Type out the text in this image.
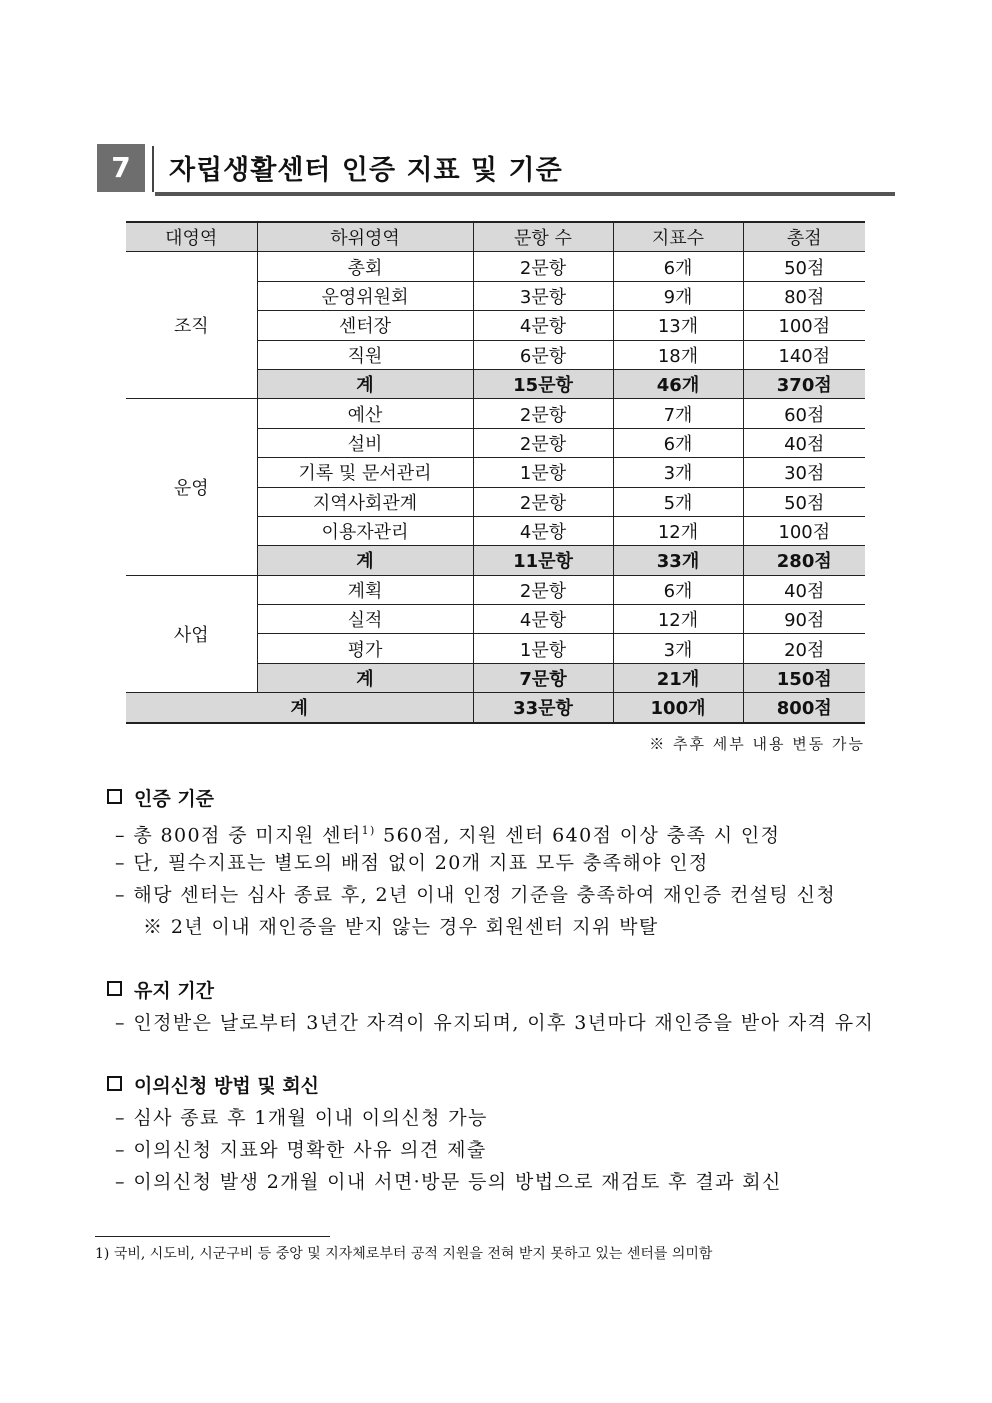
7	자립생활센터 인증 지표 및 기준
대영역	하위영역	문항 수	지표수	총점
조직	총회	2문항	6개	50점
	운영위원회	3문항	9개	80점
	센터장	4문항	13개	100점
	직원	6문항	18개	140점
	계	15문항	46개	370점
운영	예산	2문항	7개	60점
	설비	2문항	6개	40점
	기록 및 문서관리	1문항	3개	30점
	지역사회관계	2문항	5개	50점
	이용자관리	4문항	12개	100점
	계	11문항	33개	280점
사업	계획	2문항	6개	40점
	실적	4문항	12개	90점
	평가	1문항	3개	20점
	계	7문항	21개	150점
계		33문항	100개	800점
※ 추후 세부 내용 변동 가능
인증 기준
– 총 800점 중 미지원 센터$^{1)}$ 560점, 지원 센터 640점 이상 충족 시 인정
– 단, 필수지표는 별도의 배점 없이 20개 지표 모두 충족해야 인정
– 해당 센터는 심사 종료 후, 2년 이내 인정 기준을 충족하여 재인증 컨설팅 신청
※ 2년 이내 재인증을 받지 않는 경우 회원센터 지위 박탈
유지 기간
– 인정받은 날로부터 3년간 자격이 유지되며, 이후 3년마다 재인증을 받아 자격 유지
이의신청 방법 및 회신
– 심사 종료 후 1개월 이내 이의신청 가능
– 이의신청 지표와 명확한 사유 의견 제출
– 이의신청 발생 2개월 이내 서면·방문 등의 방법으로 재검토 후 결과 회신
1) 국비, 시도비, 시군구비 등 중앙 및 지자체로부터 공적 지원을 전혀 받지 못하고 있는 센터를 의미함
